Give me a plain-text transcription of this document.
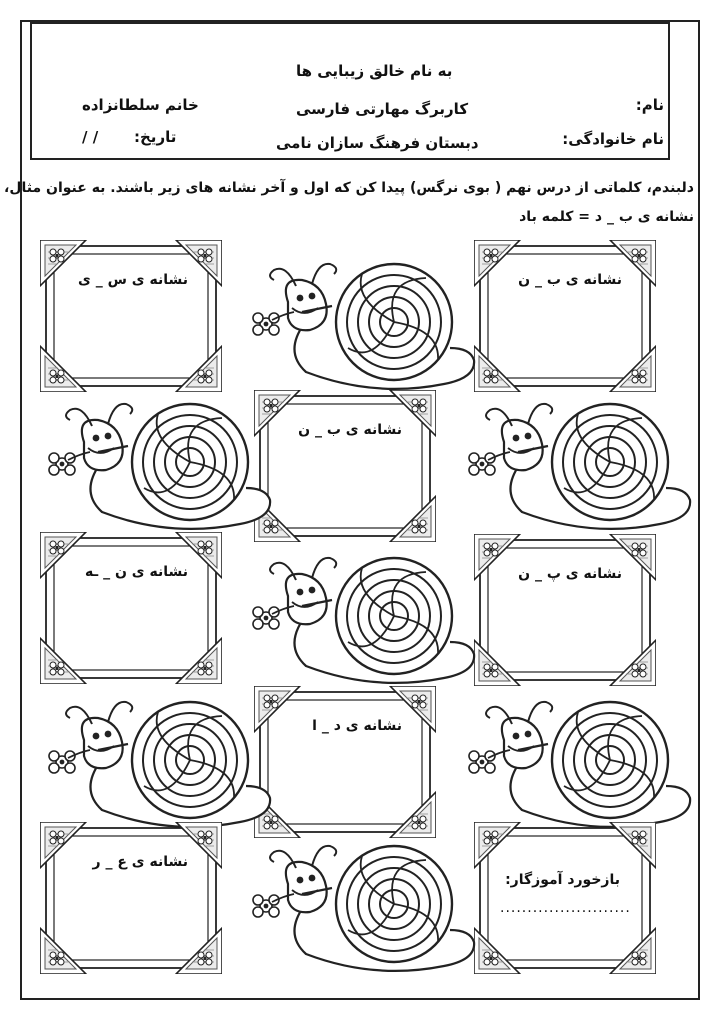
به نام خالق زیبایی ها
نام:
نام خانوادگی:
کاربرگ مهارتی فارسی
دبستان فرهنگ سازان نامی
خانم سلطانزاده
تاریخ:
/ /
دلبندم، کلماتی از درس نهم ( بوی نرگس) پیدا کن که اول و آخر نشانه های زیر باشند. به عنوان مثال،
نشانه ی ب _ د = کلمه باد
نشانه ی ب _ ن
نشانه ی س _ ی
نشانه ی ب _ ن
نشانه ی پ _ ن
نشانه ی ن _ ـه
نشانه ی د _ ا
بازخورد آموزگار:
........................
نشانه ی ع _ ر
